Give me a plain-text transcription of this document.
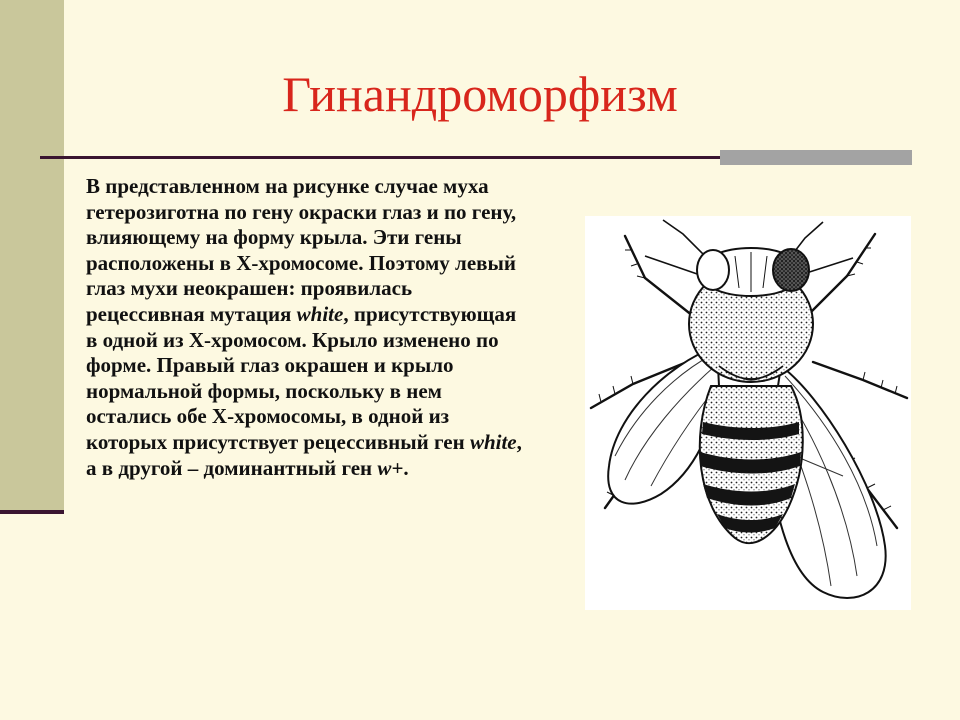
Гинандроморфизм

В представленном на рисунке случае муха гетерозиготна по гену окраски глаз и по гену, влияющему на форму крыла. Эти гены расположены в X-хромосоме. Поэтому левый глаз мухи неокрашен: проявилась рецессивная мутация white, присутствующая в одной из X-хромосом. Крыло изменено по форме. Правый глаз окрашен и крыло нормальной формы, поскольку в нем остались обе X-хромосомы, в одной из которых присутствует рецессивный ген white, а в другой – доминантный ген w+.
